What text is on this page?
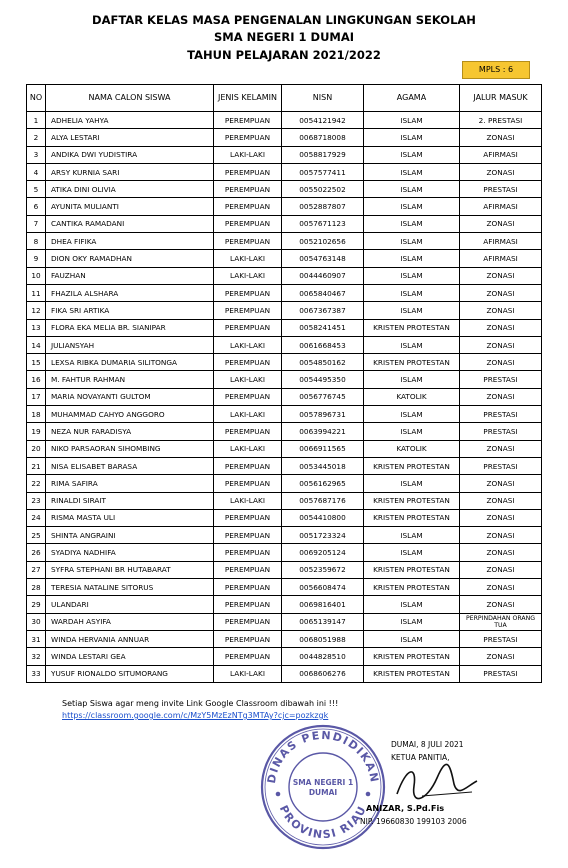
DAFTAR KELAS MASA PENGENALAN LINGKUNGAN SEKOLAH
SMA NEGERI 1 DUMAI
TAHUN PELAJARAN 2021/2022
MPLS : 6
NO	NAMA CALON SISWA	JENIS KELAMIN	NISN	AGAMA	JALUR MASUK
1	ADHELIA YAHYA	PEREMPUAN	0054121942	ISLAM	2. PRESTASI
2	ALYA LESTARI	PEREMPUAN	0068718008	ISLAM	ZONASI
3	ANDIKA DWI YUDISTIRA	LAKI-LAKI	0058817929	ISLAM	AFIRMASI
4	ARSY KURNIA SARI	PEREMPUAN	0057577411	ISLAM	ZONASI
5	ATIKA DINI OLIVIA	PEREMPUAN	0055022502	ISLAM	PRESTASI
6	AYUNITA MULIANTI	PEREMPUAN	0052887807	ISLAM	AFIRMASI
7	CANTIKA RAMADANI	PEREMPUAN	0057671123	ISLAM	ZONASI
8	DHEA FIFIKA	PEREMPUAN	0052102656	ISLAM	AFIRMASI
9	DION OKY RAMADHAN	LAKI-LAKI	0054763148	ISLAM	AFIRMASI
10	FAUZHAN	LAKI-LAKI	0044460907	ISLAM	ZONASI
11	FHAZILA ALSHARA	PEREMPUAN	0065840467	ISLAM	ZONASI
12	FIKA SRI ARTIKA	PEREMPUAN	0067367387	ISLAM	ZONASI
13	FLORA EKA MELIA BR. SIANIPAR	PEREMPUAN	0058241451	KRISTEN PROTESTAN	ZONASI
14	JULIANSYAH	LAKI-LAKI	0061668453	ISLAM	ZONASI
15	LEXSA RIBKA DUMARIA SILITONGA	PEREMPUAN	0054850162	KRISTEN PROTESTAN	ZONASI
16	M. FAHTUR RAHMAN	LAKI-LAKI	0054495350	ISLAM	PRESTASI
17	MARIA NOVAYANTI GULTOM	PEREMPUAN	0056776745	KATOLIK	ZONASI
18	MUHAMMAD CAHYO ANGGORO	LAKI-LAKI	0057896731	ISLAM	PRESTASI
19	NEZA NUR FARADISYA	PEREMPUAN	0063994221	ISLAM	PRESTASI
20	NIKO PARSAORAN SIHOMBING	LAKI-LAKI	0066911565	KATOLIK	ZONASI
21	NISA ELISABET BARASA	PEREMPUAN	0053445018	KRISTEN PROTESTAN	PRESTASI
22	RIMA SAFIRA	PEREMPUAN	0056162965	ISLAM	ZONASI
23	RINALDI SIRAIT	LAKI-LAKI	0057687176	KRISTEN PROTESTAN	ZONASI
24	RISMA MASTA ULI	PEREMPUAN	0054410800	KRISTEN PROTESTAN	ZONASI
25	SHINTA ANGRAINI	PEREMPUAN	0051723324	ISLAM	ZONASI
26	SYADIYA NADHIFA	PEREMPUAN	0069205124	ISLAM	ZONASI
27	SYFRA STEPHANI BR HUTABARAT	PEREMPUAN	0052359672	KRISTEN PROTESTAN	ZONASI
28	TERESIA NATALINE SITORUS	PEREMPUAN	0056608474	KRISTEN PROTESTAN	ZONASI
29	ULANDARI	PEREMPUAN	0069816401	ISLAM	ZONASI
30	WARDAH ASYIFA	PEREMPUAN	0065139147	ISLAM	PERPINDAHAN ORANG TUA
31	WINDA HERVANIA ANNUAR	PEREMPUAN	0068051988	ISLAM	PRESTASI
32	WINDA LESTARI GEA	PEREMPUAN	0044828510	KRISTEN PROTESTAN	ZONASI
33	YUSUF RIONALDO SITUMORANG	LAKI-LAKI	0068606276	KRISTEN PROTESTAN	PRESTASI
Setiap Siswa agar meng invite Link Google Classroom dibawah ini !!!
https://classroom.google.com/c/MzY5MzEzNTg3MTAy?cjc=pozkzgk
DINAS PENDIDIKAN
PROVINSI RIAU
SMA NEGERI 1
DUMAI
DUMAI, 8 JULI 2021
KETUA PANITIA,
ANIZAR, S.Pd.Fis
NIP. 19660830 199103 2006
